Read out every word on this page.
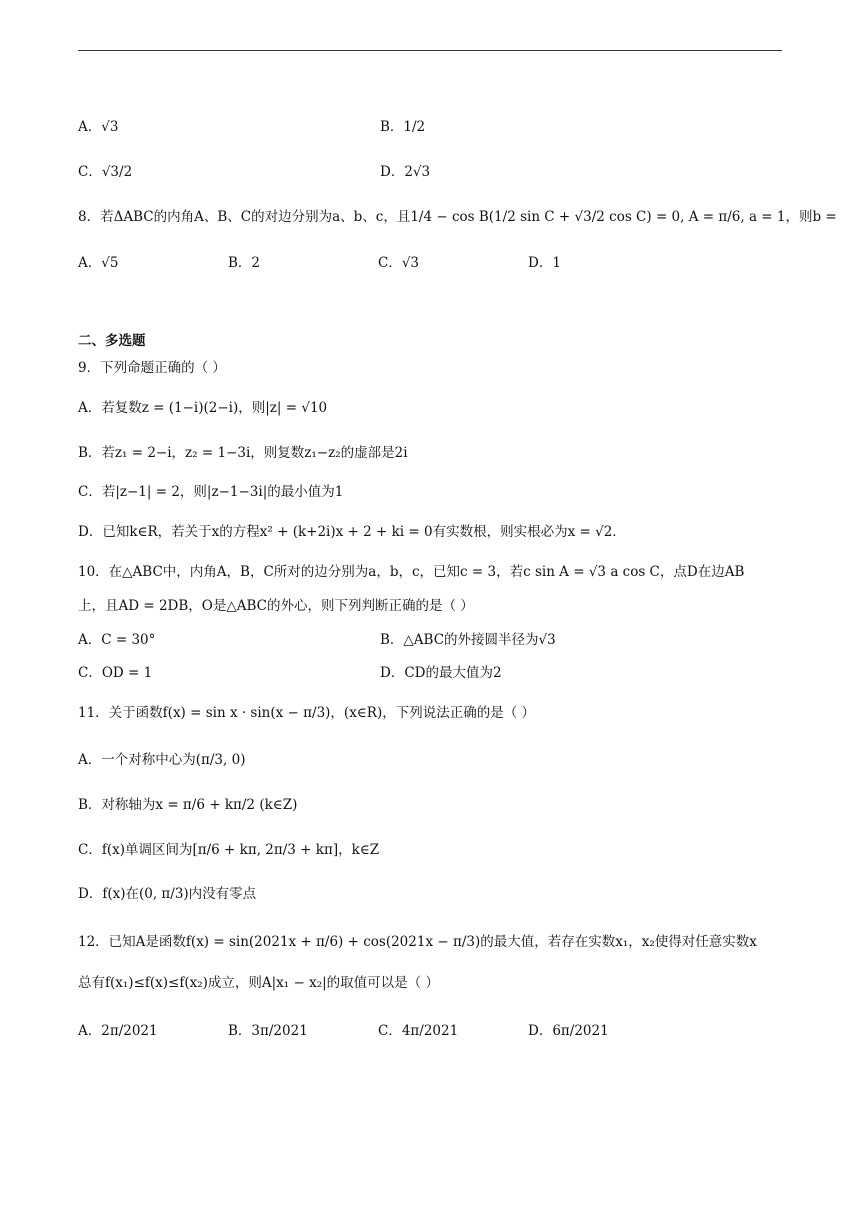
A．√3	B．1/2
C．√3/2	D．2√3
8．若ΔABC的内角A、B、C的对边分别为a、b、c，且1/4 − cos B(1/2 sin C + √3/2 cos C) = 0, A = π/6, a = 1，则b =
A．√5	B．2	C．√3	D．1
二、多选题
9．下列命题正确的（ ）
A．若复数z = (1−i)(2−i)，则|z| = √10
B．若z₁ = 2−i，z₂ = 1−3i，则复数z₁−z₂的虚部是2i
C．若|z−1| = 2，则|z−1−3i|的最小值为1
D．已知k∈R，若关于x的方程x² + (k+2i)x + 2 + ki = 0有实数根，则实根必为x = √2．
10．在△ABC中，内角A，B，C所对的边分别为a，b，c，已知c = 3，若c sin A = √3 a cos C，点D在边AB
上，且AD = 2DB，O是△ABC的外心，则下列判断正确的是（ ）
A．C = 30°	B．△ABC的外接圆半径为√3
C．OD = 1	D．CD的最大值为2
11．关于函数f(x) = sin x · sin(x − π/3)，(x∈R)，下列说法正确的是（ ）
A．一个对称中心为(π/3, 0)
B．对称轴为x = π/6 + kπ/2 (k∈Z)
C．f(x)单调区间为[π/6 + kπ, 2π/3 + kπ]，k∈Z
D．f(x)在(0, π/3)内没有零点
12．已知A是函数f(x) = sin(2021x + π/6) + cos(2021x − π/3)的最大值，若存在实数x₁，x₂使得对任意实数x
总有f(x₁)≤f(x)≤f(x₂)成立，则A|x₁ − x₂|的取值可以是（ ）
A．2π/2021	B．3π/2021	C．4π/2021	D．6π/2021
